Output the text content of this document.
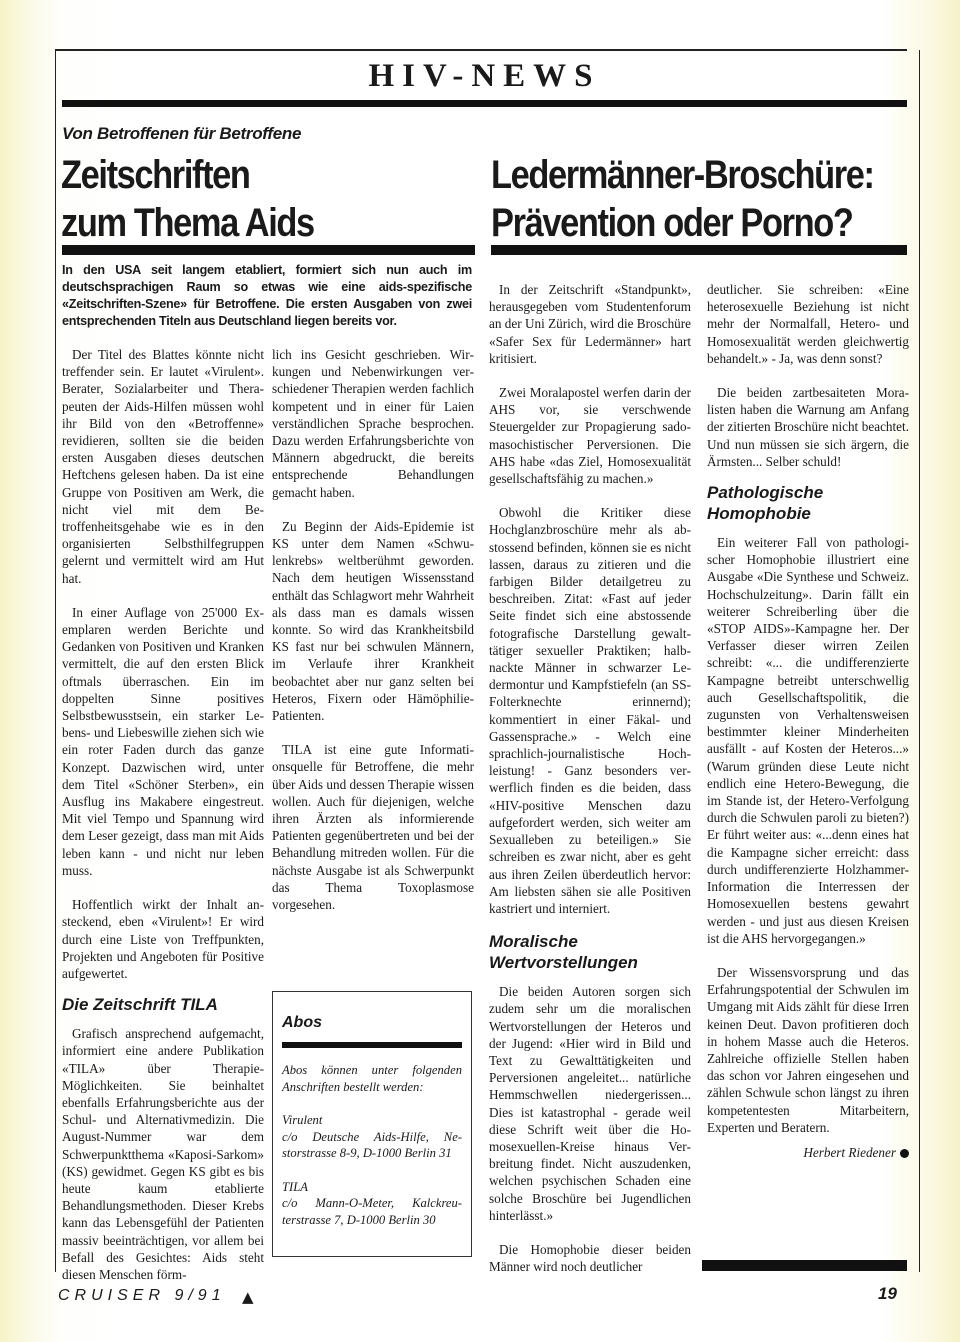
HIV-NEWS
Von Betroffenen für Betroffene
Zeitschriften
zum Thema Aids
In den USA seit langem etabliert, formiert sich nun auch im deutschsprachigen Raum so etwas wie eine aids-spezifische «Zeitschriften-Szene» für Betroffene. Die ersten Ausgaben von zwei entsprechenden Titeln aus Deutschland liegen bereits vor.

Der Titel des Blattes könnte nicht treffender sein. Er lautet «Virulent». Berater, Sozialarbeiter und Therapeuten der Aids-Hilfen müssen wohl ihr Bild von den «Betroffenne» revidieren, sollten sie die beiden ersten Ausgaben dieses deutschen Heftchens gelesen haben. Da ist eine Gruppe von Positiven am Werk, die nicht viel mit dem Betroffenheitsgehabe wie es in den organisierten Selbsthilfegruppen gelernt und vermittelt wird am Hut hat.

In einer Auflage von 25'000 Exemplaren werden Berichte und Gedanken von Positiven und Kranken vermittelt, die auf den ersten Blick oftmals überraschen. Ein im doppelten Sinne positives Selbstbewusstsein, ein starker Lebens- und Liebeswille ziehen sich wie ein roter Faden durch das ganze Konzept. Dazwischen wird, unter dem Titel «Schöner Sterben», ein Ausflug ins Makabere eingestreut. Mit viel Tempo und Spannung wird dem Leser gezeigt, dass man mit Aids leben kann - und nicht nur leben muss.

Hoffentlich wirkt der Inhalt ansteckend, eben «Virulent»! Er wird durch eine Liste von Treffpunkten, Projekten und Angeboten für Positive aufgewertet.

Die Zeitschrift TILA

Grafisch ansprechend aufgemacht, informiert eine andere Publikation «TILA» über Therapie-Möglichkeiten. Sie beinhaltet ebenfalls Erfahrungsberichte aus der Schul- und Alternativmedizin. Die August-Nummer war dem Schwerpunktthema «Kaposi-Sarkom» (KS) gewidmet. Gegen KS gibt es bis heute kaum etablierte Behandlungsmethoden. Dieser Krebs kann das Lebensgefühl der Patienten massiv beeinträchtigen, vor allem bei Befall des Gesichtes: Aids steht diesen Menschen förm-

lich ins Gesicht geschrieben. Wirkungen und Nebenwirkungen verschiedener Therapien werden fachlich kompetent und in einer für Laien verständlichen Sprache besprochen. Dazu werden Erfahrungsberichte von Männern abgedruckt, die bereits entsprechende Behandlungen gemacht haben.

Zu Beginn der Aids-Epidemie ist KS unter dem Namen «Schwulenkrebs» weltberühmt geworden. Nach dem heutigen Wissensstand enthält das Schlagwort mehr Wahrheit als dass man es damals wissen konnte. So wird das Krankheitsbild KS fast nur bei schwulen Männern, im Verlaufe ihrer Krankheit beobachtet aber nur ganz selten bei Heteros, Fixern oder Hämöphilie-Patienten.

TILA ist eine gute Informationsquelle für Betroffene, die mehr über Aids und dessen Therapie wissen wollen. Auch für diejenigen, welche ihren Ärzten als informierende Patienten gegenübertreten und bei der Behandlung mitreden wollen. Für die nächste Ausgabe ist als Schwerpunkt das Thema Toxoplasmose vorgesehen.

Abos
Abos können unter folgenden Anschriften bestellt werden:
Virulent
c/o Deutsche Aids-Hilfe, Nestorstrasse 8-9, D-1000 Berlin 31
TILA
c/o Mann-O-Meter, Kalckreuterstrasse 7, D-1000 Berlin 30
Ledermänner-Broschüre:
Prävention oder Porno?

In der Zeitschrift «Standpunkt», herausgegeben vom Studentenforum an der Uni Zürich, wird die Broschüre «Safer Sex für Ledermänner» hart kritisiert.

Zwei Moralapostel werfen darin der AHS vor, sie verschwende Steuergelder zur Propagierung sado-masochistischer Perversionen. Die AHS habe «das Ziel, Homosexualität gesellschaftsfähig zu machen.»

Obwohl die Kritiker diese Hochglanzbroschüre mehr als abstossend befinden, können sie es nicht lassen, daraus zu zitieren und die farbigen Bilder detailgetreu zu beschreiben. Zitat: «Fast auf jeder Seite findet sich eine abstossende fotografische Darstellung gewalttätiger sexueller Praktiken; halbnackte Männer in schwarzer Ledermontur und Kampfstiefeln (an SS-Folterknechte erinnernd); kommentiert in einer Fäkal- und Gassensprache.» - Welch eine sprachlich-journalistische Hochleistung! - Ganz besonders verwerflich finden es die beiden, dass «HIV-positive Menschen dazu aufgefordert werden, sich weiter am Sexualleben zu beteiligen.» Sie schreiben es zwar nicht, aber es geht aus ihren Zeilen überdeutlich hervor: Am liebsten sähen sie alle Positiven kastriert und interniert.

Moralische Wertvorstellungen

Die beiden Autoren sorgen sich zudem sehr um die moralischen Wertvorstellungen der Heteros und der Jugend: «Hier wird in Bild und Text zu Gewalttätigkeiten und Perversionen angeleitet... natürliche Hemmschwellen niedergerissen... Dies ist katastrophal - gerade weil diese Schrift weit über die Homosexuellen-Kreise hinaus Verbreitung findet. Nicht auszudenken, welchen psychischen Schaden eine solche Broschüre bei Jugendlichen hinterlässt.»

Die Homophobie dieser beiden Männer wird noch deutlicher

deutlicher. Sie schreiben: «Eine heterosexuelle Beziehung ist nicht mehr der Normalfall, Hetero- und Homosexualität werden gleichwertig behandelt.» - Ja, was denn sonst?

Die beiden zartbesaiteten Moralisten haben die Warnung am Anfang der zitierten Broschüre nicht beachtet. Und nun müssen sie sich ärgern, die Ärmsten... Selber schuld!

Pathologische Homophobie

Ein weiterer Fall von pathologischer Homophobie illustriert eine Ausgabe «Die Synthese und Schweiz. Hochschulzeitung». Darin fällt ein weiterer Schreiberling über die «STOP AIDS»-Kampagne her. Der Verfasser dieser wirren Zeilen schreibt: «... die undifferenzierte Kampagne betreibt unterschwellig auch Gesellschaftspolitik, die zugunsten von Verhaltensweisen bestimmter kleiner Minderheiten ausfällt - auf Kosten der Heteros...» (Warum gründen diese Leute nicht endlich eine Hetero-Bewegung, die im Stande ist, der Hetero-Verfolgung durch die Schwulen paroli zu bieten?) Er führt weiter aus: «...denn eines hat die Kampagne sicher erreicht: dass durch undifferenzierte Holzhammer-Information die Interressen der Homosexuellen bestens gewahrt werden - und just aus diesen Kreisen ist die AHS hervorgegangen.»

Der Wissensvorsprung und das Erfahrungspotential der Schwulen im Umgang mit Aids zählt für diese Irren keinen Deut. Davon profitieren doch in hohem Masse auch die Heteros. Zahlreiche offizielle Stellen haben das schon vor Jahren eingesehen und zählen Schwule schon längst zu ihren kompetentesten Mitarbeitern, Experten und Beratern.

Herbert Riedener
CRUISER 9/91 ▲	19
